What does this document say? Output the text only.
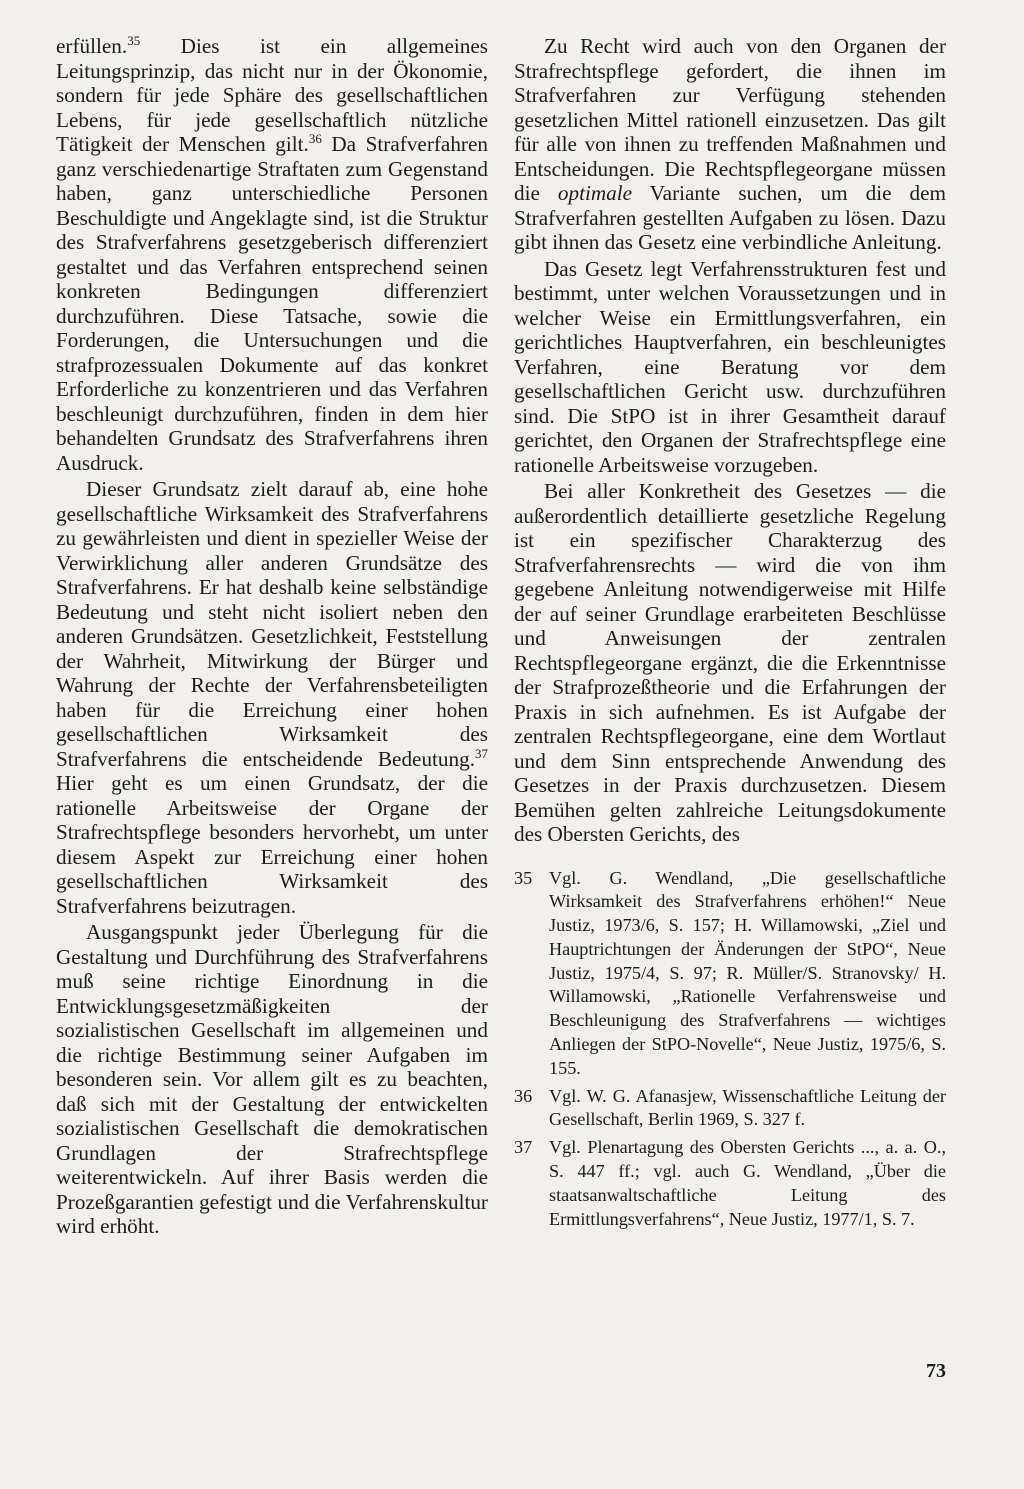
erfüllen.$^{35}$ Dies ist ein allgemeines Leitungsprinzip, das nicht nur in der Ökonomie, sondern für jede Sphäre des gesellschaftlichen Lebens, für jede gesellschaftlich nützliche Tätigkeit der Menschen gilt.$^{36}$ Da Strafverfahren ganz verschiedenartige Straftaten zum Gegenstand haben, ganz unterschiedliche Personen Beschuldigte und Angeklagte sind, ist die Struktur des Strafverfahrens gesetzgeberisch differenziert gestaltet und das Verfahren entsprechend seinen konkreten Bedingungen differenziert durchzuführen. Diese Tatsache, sowie die Forderungen, die Untersuchungen und die strafprozessualen Dokumente auf das konkret Erforderliche zu konzentrieren und das Verfahren beschleunigt durchzuführen, finden in dem hier behandelten Grundsatz des Strafverfahrens ihren Ausdruck.

Dieser Grundsatz zielt darauf ab, eine hohe gesellschaftliche Wirksamkeit des Strafverfahrens zu gewährleisten und dient in spezieller Weise der Verwirklichung aller anderen Grundsätze des Strafverfahrens. Er hat deshalb keine selbständige Bedeutung und steht nicht isoliert neben den anderen Grundsätzen. Gesetzlichkeit, Feststellung der Wahrheit, Mitwirkung der Bürger und Wahrung der Rechte der Verfahrensbeteiligten haben für die Erreichung einer hohen gesellschaftlichen Wirksamkeit des Strafverfahrens die entscheidende Bedeutung.$^{37}$ Hier geht es um einen Grundsatz, der die rationelle Arbeitsweise der Organe der Strafrechtspflege besonders hervorhebt, um unter diesem Aspekt zur Erreichung einer hohen gesellschaftlichen Wirksamkeit des Strafverfahrens beizutragen.

Ausgangspunkt jeder Überlegung für die Gestaltung und Durchführung des Strafverfahrens muß seine richtige Einordnung in die Entwicklungsgesetzmäßigkeiten der sozialistischen Gesellschaft im allgemeinen und die richtige Bestimmung seiner Aufgaben im besonderen sein. Vor allem gilt es zu beachten, daß sich mit der Gestaltung der entwickelten sozialistischen Gesellschaft die demokratischen Grundlagen der Strafrechtspflege weiterentwickeln. Auf ihrer Basis werden die Prozeßgarantien gefestigt und die Verfahrenskultur wird erhöht.

Zu Recht wird auch von den Organen der Strafrechtspflege gefordert, die ihnen im Strafverfahren zur Verfügung stehenden gesetzlichen Mittel rationell einzusetzen. Das gilt für alle von ihnen zu treffenden Maßnahmen und Entscheidungen. Die Rechtspflegeorgane müssen die optimale Variante suchen, um die dem Strafverfahren gestellten Aufgaben zu lösen. Dazu gibt ihnen das Gesetz eine verbindliche Anleitung.

Das Gesetz legt Verfahrensstrukturen fest und bestimmt, unter welchen Voraussetzungen und in welcher Weise ein Ermittlungsverfahren, ein gerichtliches Hauptverfahren, ein beschleunigtes Verfahren, eine Beratung vor dem gesellschaftlichen Gericht usw. durchzuführen sind. Die StPO ist in ihrer Gesamtheit darauf gerichtet, den Organen der Strafrechtspflege eine rationelle Arbeitsweise vorzugeben.

Bei aller Konkretheit des Gesetzes — die außerordentlich detaillierte gesetzliche Regelung ist ein spezifischer Charakterzug des Strafverfahrensrechts — wird die von ihm gegebene Anleitung notwendigerweise mit Hilfe der auf seiner Grundlage erarbeiteten Beschlüsse und Anweisungen der zentralen Rechtspflegeorgane ergänzt, die die Erkenntnisse der Strafprozeßtheorie und die Erfahrungen der Praxis in sich aufnehmen. Es ist Aufgabe der zentralen Rechtspflegeorgane, eine dem Wortlaut und dem Sinn entsprechende Anwendung des Gesetzes in der Praxis durchzusetzen. Diesem Bemühen gelten zahlreiche Leitungsdokumente des Obersten Gerichts, des

35 Vgl. G. Wendland, „Die gesellschaftliche Wirksamkeit des Strafverfahrens erhöhen!“ Neue Justiz, 1973/6, S. 157; H. Willamowski, „Ziel und Hauptrichtungen der Änderungen der StPO“, Neue Justiz, 1975/4, S. 97; R. Müller/S. Stranovsky/ H. Willamowski, „Rationelle Verfahrensweise und Beschleunigung des Strafverfahrens — wichtiges Anliegen der StPO-Novelle“, Neue Justiz, 1975/6, S. 155.
36 Vgl. W. G. Afanasjew, Wissenschaftliche Leitung der Gesellschaft, Berlin 1969, S. 327 f.
37 Vgl. Plenartagung des Obersten Gerichts ..., a. a. O., S. 447 ff.; vgl. auch G. Wendland, „Über die staatsanwaltschaftliche Leitung des Ermittlungsverfahrens“, Neue Justiz, 1977/1, S. 7.
73
